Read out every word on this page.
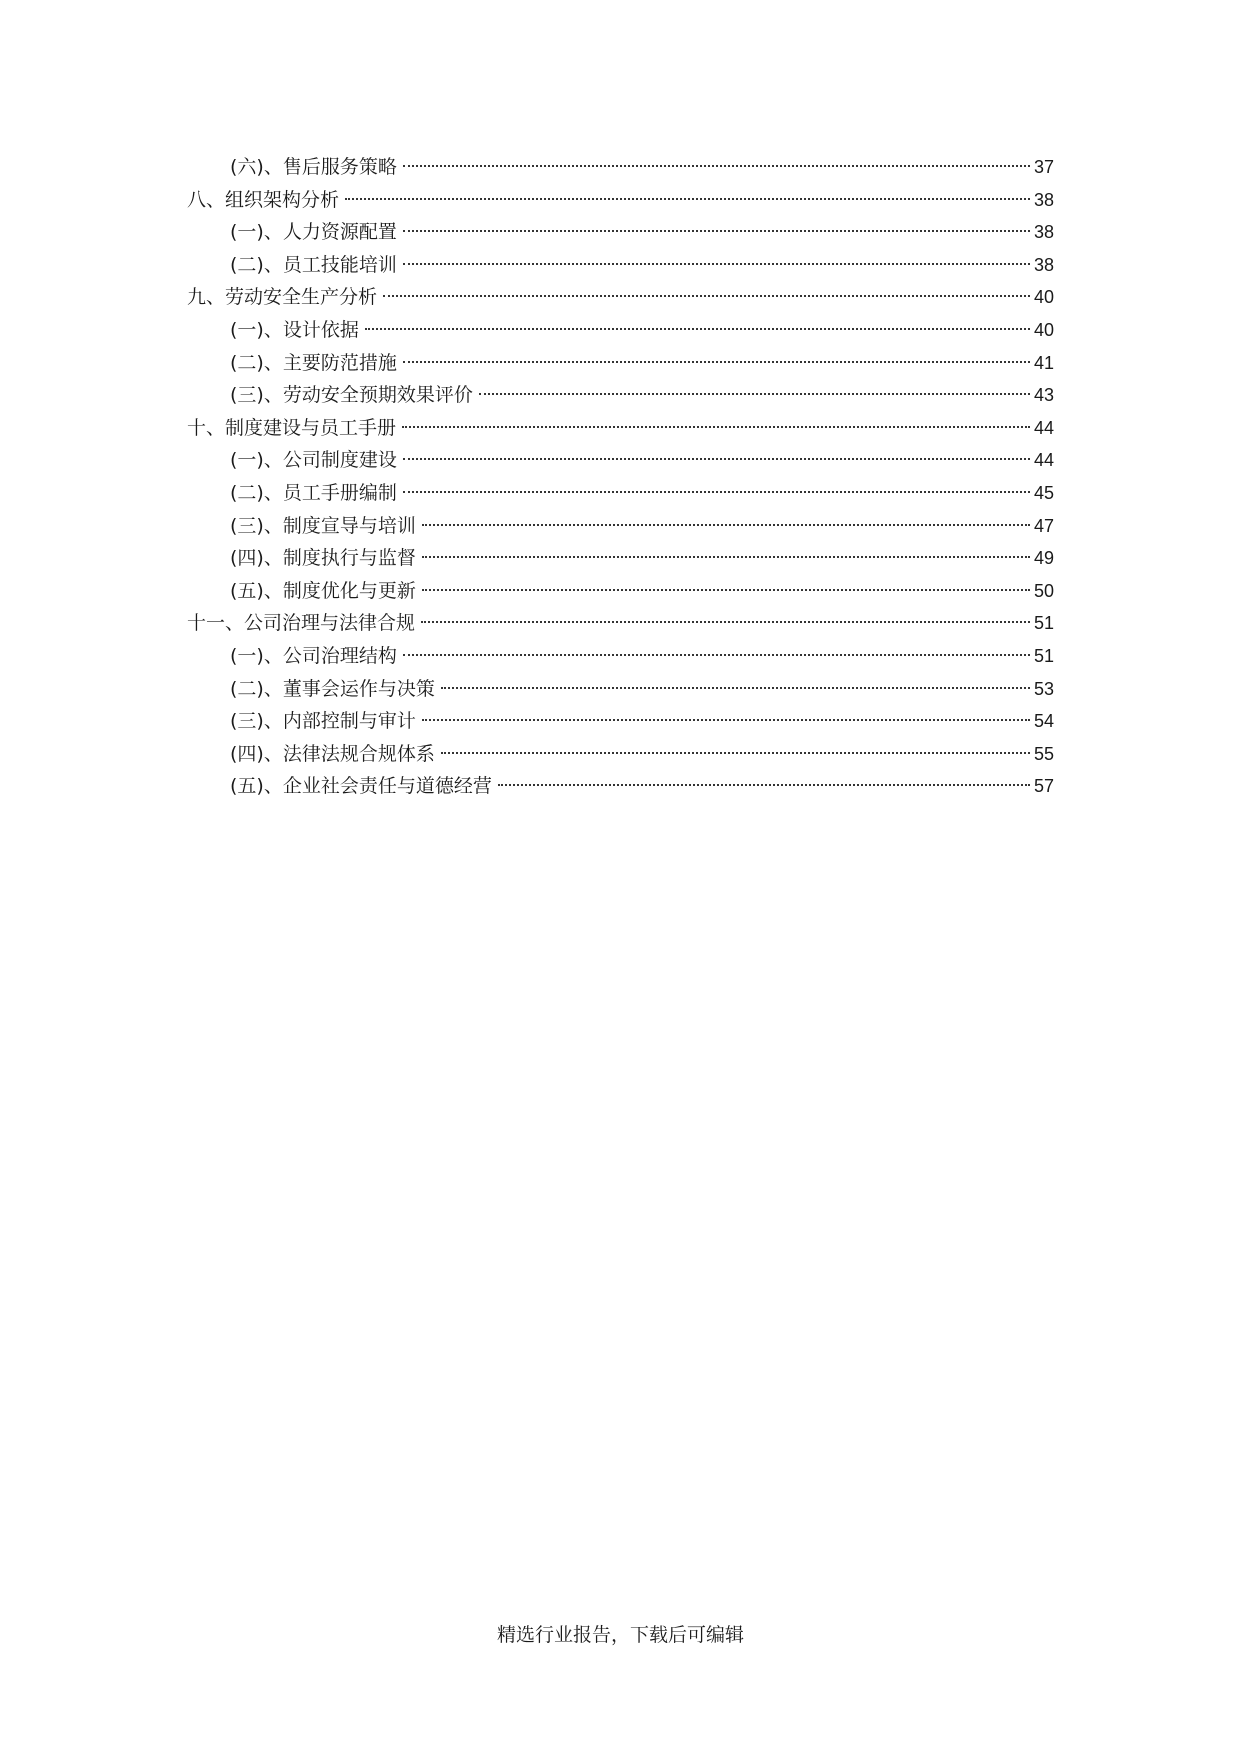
(六)、售后服务策略	37
八、组织架构分析	38
(一)、人力资源配置	38
(二)、员工技能培训	38
九、劳动安全生产分析	40
(一)、设计依据	40
(二)、主要防范措施	41
(三)、劳动安全预期效果评价	43
十、制度建设与员工手册	44
(一)、公司制度建设	44
(二)、员工手册编制	45
(三)、制度宣导与培训	47
(四)、制度执行与监督	49
(五)、制度优化与更新	50
十一、公司治理与法律合规	51
(一)、公司治理结构	51
(二)、董事会运作与决策	53
(三)、内部控制与审计	54
(四)、法律法规合规体系	55
(五)、企业社会责任与道德经营	57
精选行业报告，下载后可编辑
